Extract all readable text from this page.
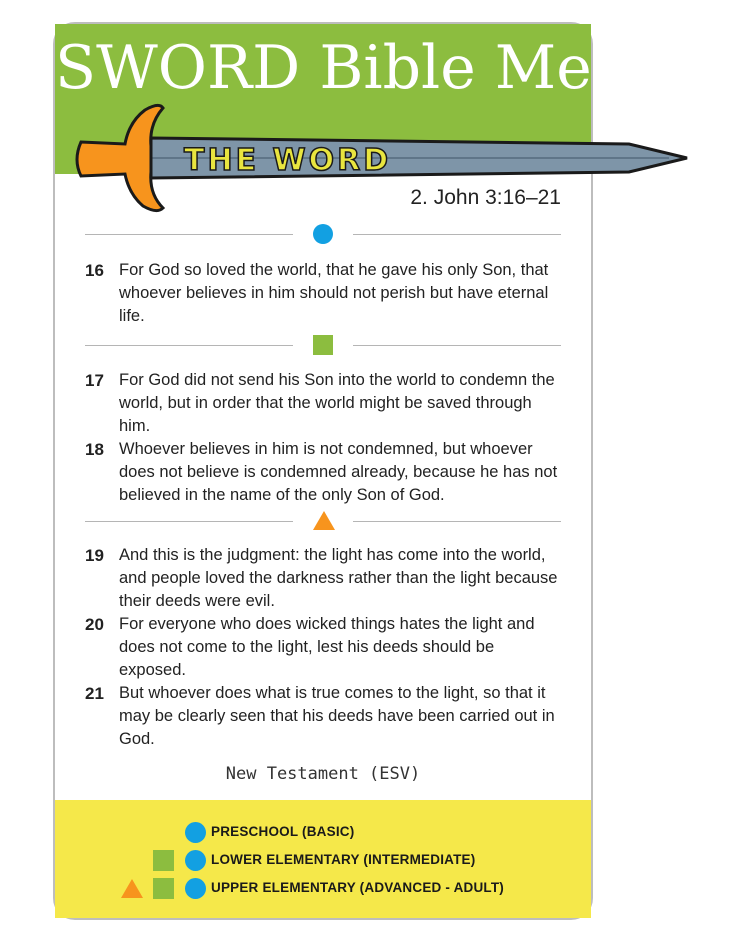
SWORD Bible Memory
THE WORD
2. John 3:16–21
16 For God so loved the world, that he gave his only Son, that whoever believes in him should not perish but have eternal life.
17 For God did not send his Son into the world to condemn the world, but in order that the world might be saved through him.
18 Whoever believes in him is not condemned, but whoever does not believe is condemned already, because he has not believed in the name of the only Son of God.
19 And this is the judgment: the light has come into the world, and people loved the darkness rather than the light because their deeds were evil.
20 For everyone who does wicked things hates the light and does not come to the light, lest his deeds should be exposed.
21 But whoever does what is true comes to the light, so that it may be clearly seen that his deeds have been carried out in God.
New Testament (ESV)
PRESCHOOL (BASIC)
LOWER ELEMENTARY (INTERMEDIATE)
UPPER ELEMENTARY (ADVANCED - ADULT)
